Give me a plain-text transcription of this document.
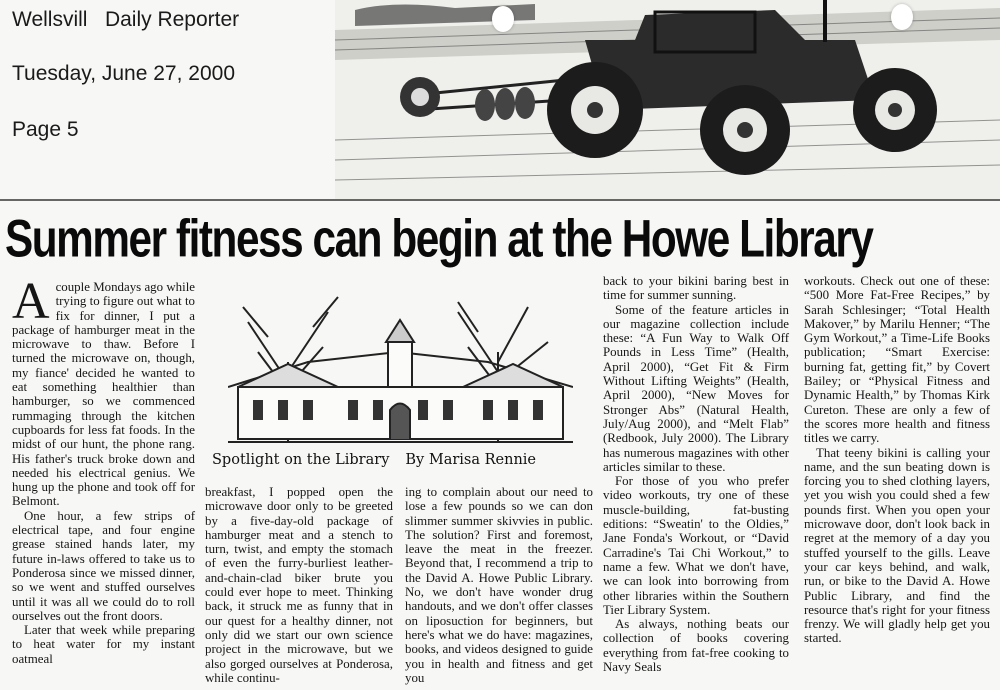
Wellsvill   Daily Reporter
Tuesday, June 27, 2000
Page 5
Summer fitness can begin at the Howe Library

Acouple Mondays ago while trying to figure out what to fix for dinner, I put a package of hamburger meat in the microwave to thaw. Before I turned the microwave on, though, my fiance' decided he wanted to eat something healthier than hamburger, so we commenced rummaging through the kitchen cupboards for less fat foods. In the midst of our hunt, the phone rang. His father's truck broke down and needed his electrical genius. We hung up the phone and took off for Belmont.

One hour, a few strips of electrical tape, and four engine grease stained hands later, my future in-laws offered to take us to Ponderosa since we missed dinner, so we went and stuffed ourselves until it was all we could do to roll ourselves out the front doors.

Later that week while preparing to heat water for my instant oatmeal

Spotlight on the Library By Marisa Rennie

breakfast, I popped open the microwave door only to be greeted by a five-day-old package of hamburger meat and a stench to turn, twist, and empty the stomach of even the furry-burliest leather-and-chain-clad biker brute you could ever hope to meet. Thinking back, it struck me as funny that in our quest for a healthy dinner, not only did we start our own science project in the microwave, but we also gorged ourselves at Ponderosa, while continu-

ing to complain about our need to lose a few pounds so we can don slimmer summer skivvies in public. The solution? First and foremost, leave the meat in the freezer. Beyond that, I recommend a trip to the David A. Howe Public Library. No, we don't have wonder drug handouts, and we don't offer classes on liposuction for beginners, but here's what we do have: magazines, books, and videos designed to guide you in health and fitness and get you

back to your bikini baring best in time for summer sunning.

Some of the feature articles in our magazine collection include these: “A Fun Way to Walk Off Pounds in Less Time” (Health, April 2000), “Get Fit & Firm Without Lifting Weights” (Health, April 2000), “New Moves for Stronger Abs” (Natural Health, July/Aug 2000), and “Melt Flab” (Redbook, July 2000). The Library has numerous magazines with other articles similar to these.

For those of you who prefer video workouts, try one of these muscle-building, fat-busting editions: “Sweatin' to the Oldies,” Jane Fonda's Workout, or “David Carradine's Tai Chi Workout,” to name a few. What we don't have, we can look into borrowing from other libraries within the Southern Tier Library System.

As always, nothing beats our collection of books covering everything from fat-free cooking to Navy Seals

workouts. Check out one of these: “500 More Fat-Free Recipes,” by Sarah Schlesinger; “Total Health Makover,” by Marilu Henner; “The Gym Workout,” a Time-Life Books publication; “Smart Exercise: burning fat, getting fit,” by Covert Bailey; or “Physical Fitness and Dynamic Health,” by Thomas Kirk Cureton. These are only a few of the scores more health and fitness titles we carry.

That teeny bikini is calling your name, and the sun beating down is forcing you to shed clothing layers, yet you wish you could shed a few pounds first. When you open your microwave door, don't look back in regret at the memory of a day you stuffed yourself to the gills. Leave your car keys behind, and walk, run, or bike to the David A. Howe Public Library, and find the resource that's right for your fitness frenzy. We will gladly help get you started.
